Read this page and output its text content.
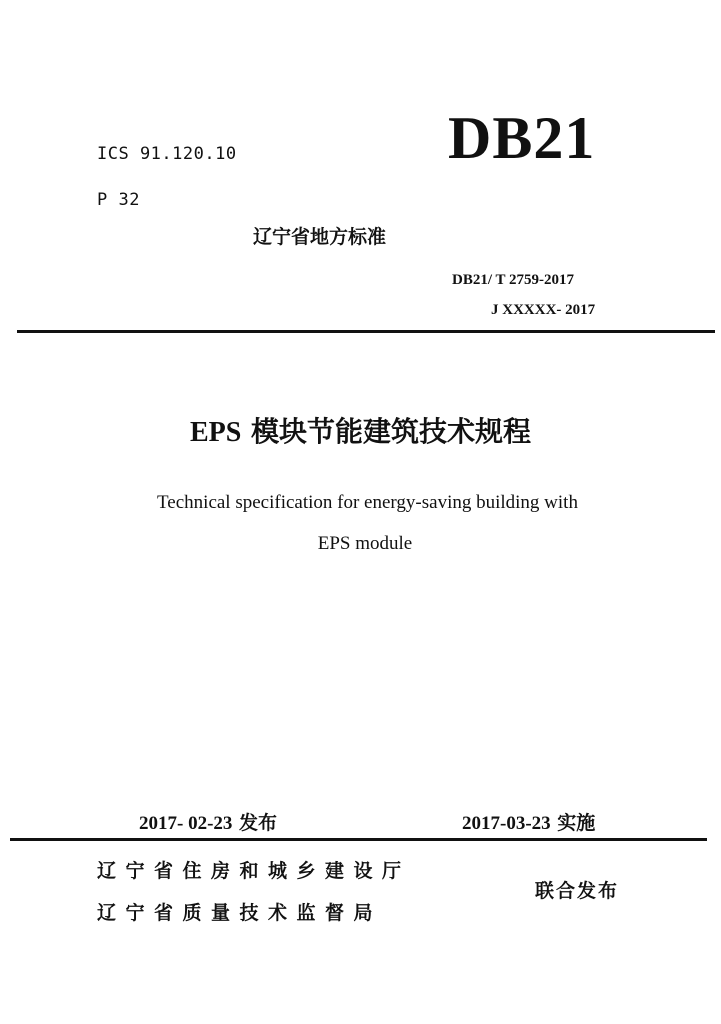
ICS 91.120.10
P 32
DB21
辽宁省地方标准
DB21/ T 2759-2017
J XXXXX- 2017
EPS 模块节能建筑技术规程
Technical specification for energy-saving building with
EPS module
2017- 02-23 发布	2017-03-23 实施
辽宁省住房和城乡建设厅
辽宁省质量技术监督局
联合发布
